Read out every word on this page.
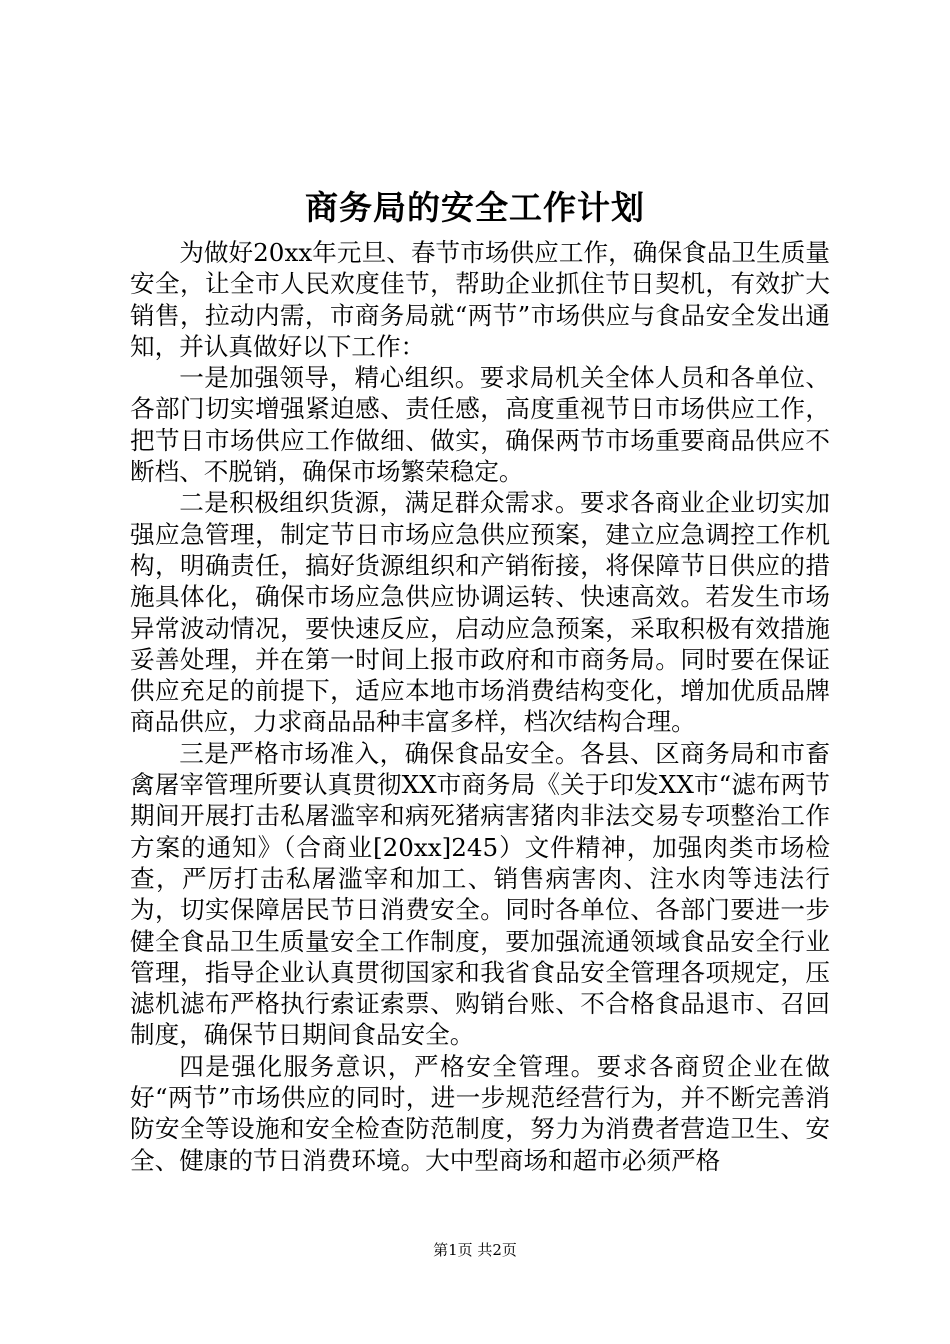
商务局的安全工作计划

为做好20xx年元旦、春节市场供应工作，确保食品卫生质量安全，让全市人民欢度佳节，帮助企业抓住节日契机，有效扩大销售，拉动内需，市商务局就“两节”市场供应与食品安全发出通知，并认真做好以下工作：

一是加强领导，精心组织。要求局机关全体人员和各单位、各部门切实增强紧迫感、责任感，高度重视节日市场供应工作，把节日市场供应工作做细、做实，确保两节市场重要商品供应不断档、不脱销，确保市场繁荣稳定。

二是积极组织货源，满足群众需求。要求各商业企业切实加强应急管理，制定节日市场应急供应预案，建立应急调控工作机构，明确责任，搞好货源组织和产销衔接，将保障节日供应的措施具体化，确保市场应急供应协调运转、快速高效。若发生市场异常波动情况，要快速反应，启动应急预案，采取积极有效措施妥善处理，并在第一时间上报市政府和市商务局。同时要在保证供应充足的前提下，适应本地市场消费结构变化，增加优质品牌商品供应，力求商品品种丰富多样，档次结构合理。

三是严格市场准入，确保食品安全。各县、区商务局和市畜禽屠宰管理所要认真贯彻XX市商务局《关于印发XX市“滤布两节期间开展打击私屠滥宰和病死猪病害猪肉非法交易专项整治工作方案的通知》（合商业[20xx]245）文件精神，加强肉类市场检查，严厉打击私屠滥宰和加工、销售病害肉、注水肉等违法行为，切实保障居民节日消费安全。同时各单位、各部门要进一步健全食品卫生质量安全工作制度，要加强流通领域食品安全行业管理，指导企业认真贯彻国家和我省食品安全管理各项规定，压滤机滤布严格执行索证索票、购销台账、不合格食品退市、召回制度，确保节日期间食品安全。

四是强化服务意识，严格安全管理。要求各商贸企业在做好“两节”市场供应的同时，进一步规范经营行为，并不断完善消防安全等设施和安全检查防范制度，努力为消费者营造卫生、安全、健康的节日消费环境。大中型商场和超市必须严格

第1页 共2页
